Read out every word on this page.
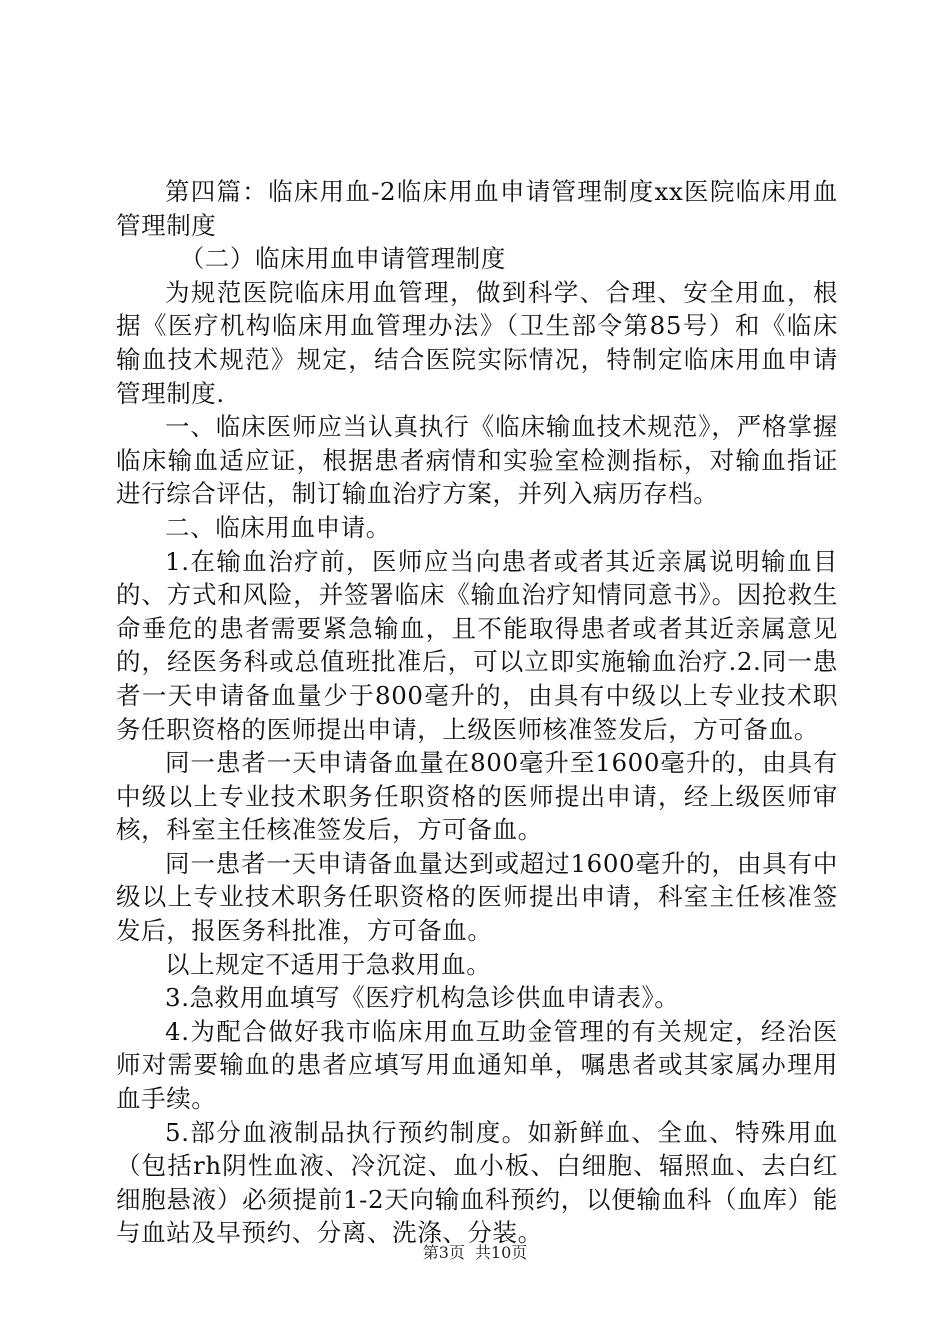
第四篇：临床用血-2临床用血申请管理制度xx医院临床用血管理制度

（二）临床用血申请管理制度

为规范医院临床用血管理，做到科学、合理、安全用血，根据《医疗机构临床用血管理办法》（卫生部令第85号）和《临床输血技术规范》规定，结合医院实际情况，特制定临床用血申请管理制度.

一、临床医师应当认真执行《临床输血技术规范》，严格掌握临床输血适应证，根据患者病情和实验室检测指标，对输血指证进行综合评估，制订输血治疗方案，并列入病历存档。

二、临床用血申请。

1.在输血治疗前，医师应当向患者或者其近亲属说明输血目的、方式和风险，并签署临床《输血治疗知情同意书》。因抢救生命垂危的患者需要紧急输血，且不能取得患者或者其近亲属意见的，经医务科或总值班批准后，可以立即实施输血治疗.2.同一患者一天申请备血量少于800毫升的，由具有中级以上专业技术职务任职资格的医师提出申请，上级医师核准签发后，方可备血。

同一患者一天申请备血量在800毫升至1600毫升的，由具有中级以上专业技术职务任职资格的医师提出申请，经上级医师审核，科室主任核准签发后，方可备血。

同一患者一天申请备血量达到或超过1600毫升的，由具有中级以上专业技术职务任职资格的医师提出申请，科室主任核准签发后，报医务科批准，方可备血。

以上规定不适用于急救用血。

3.急救用血填写《医疗机构急诊供血申请表》。

4.为配合做好我市临床用血互助金管理的有关规定，经治医师对需要输血的患者应填写用血通知单，嘱患者或其家属办理用血手续。

5.部分血液制品执行预约制度。如新鲜血、全血、特殊用血（包括rh阴性血液、冷沉淀、血小板、白细胞、辐照血、去白红细胞悬液）必须提前1-2天向输血科预约，以便输血科（血库）能与血站及早预约、分离、洗涤、分装。

第3页 共10页
